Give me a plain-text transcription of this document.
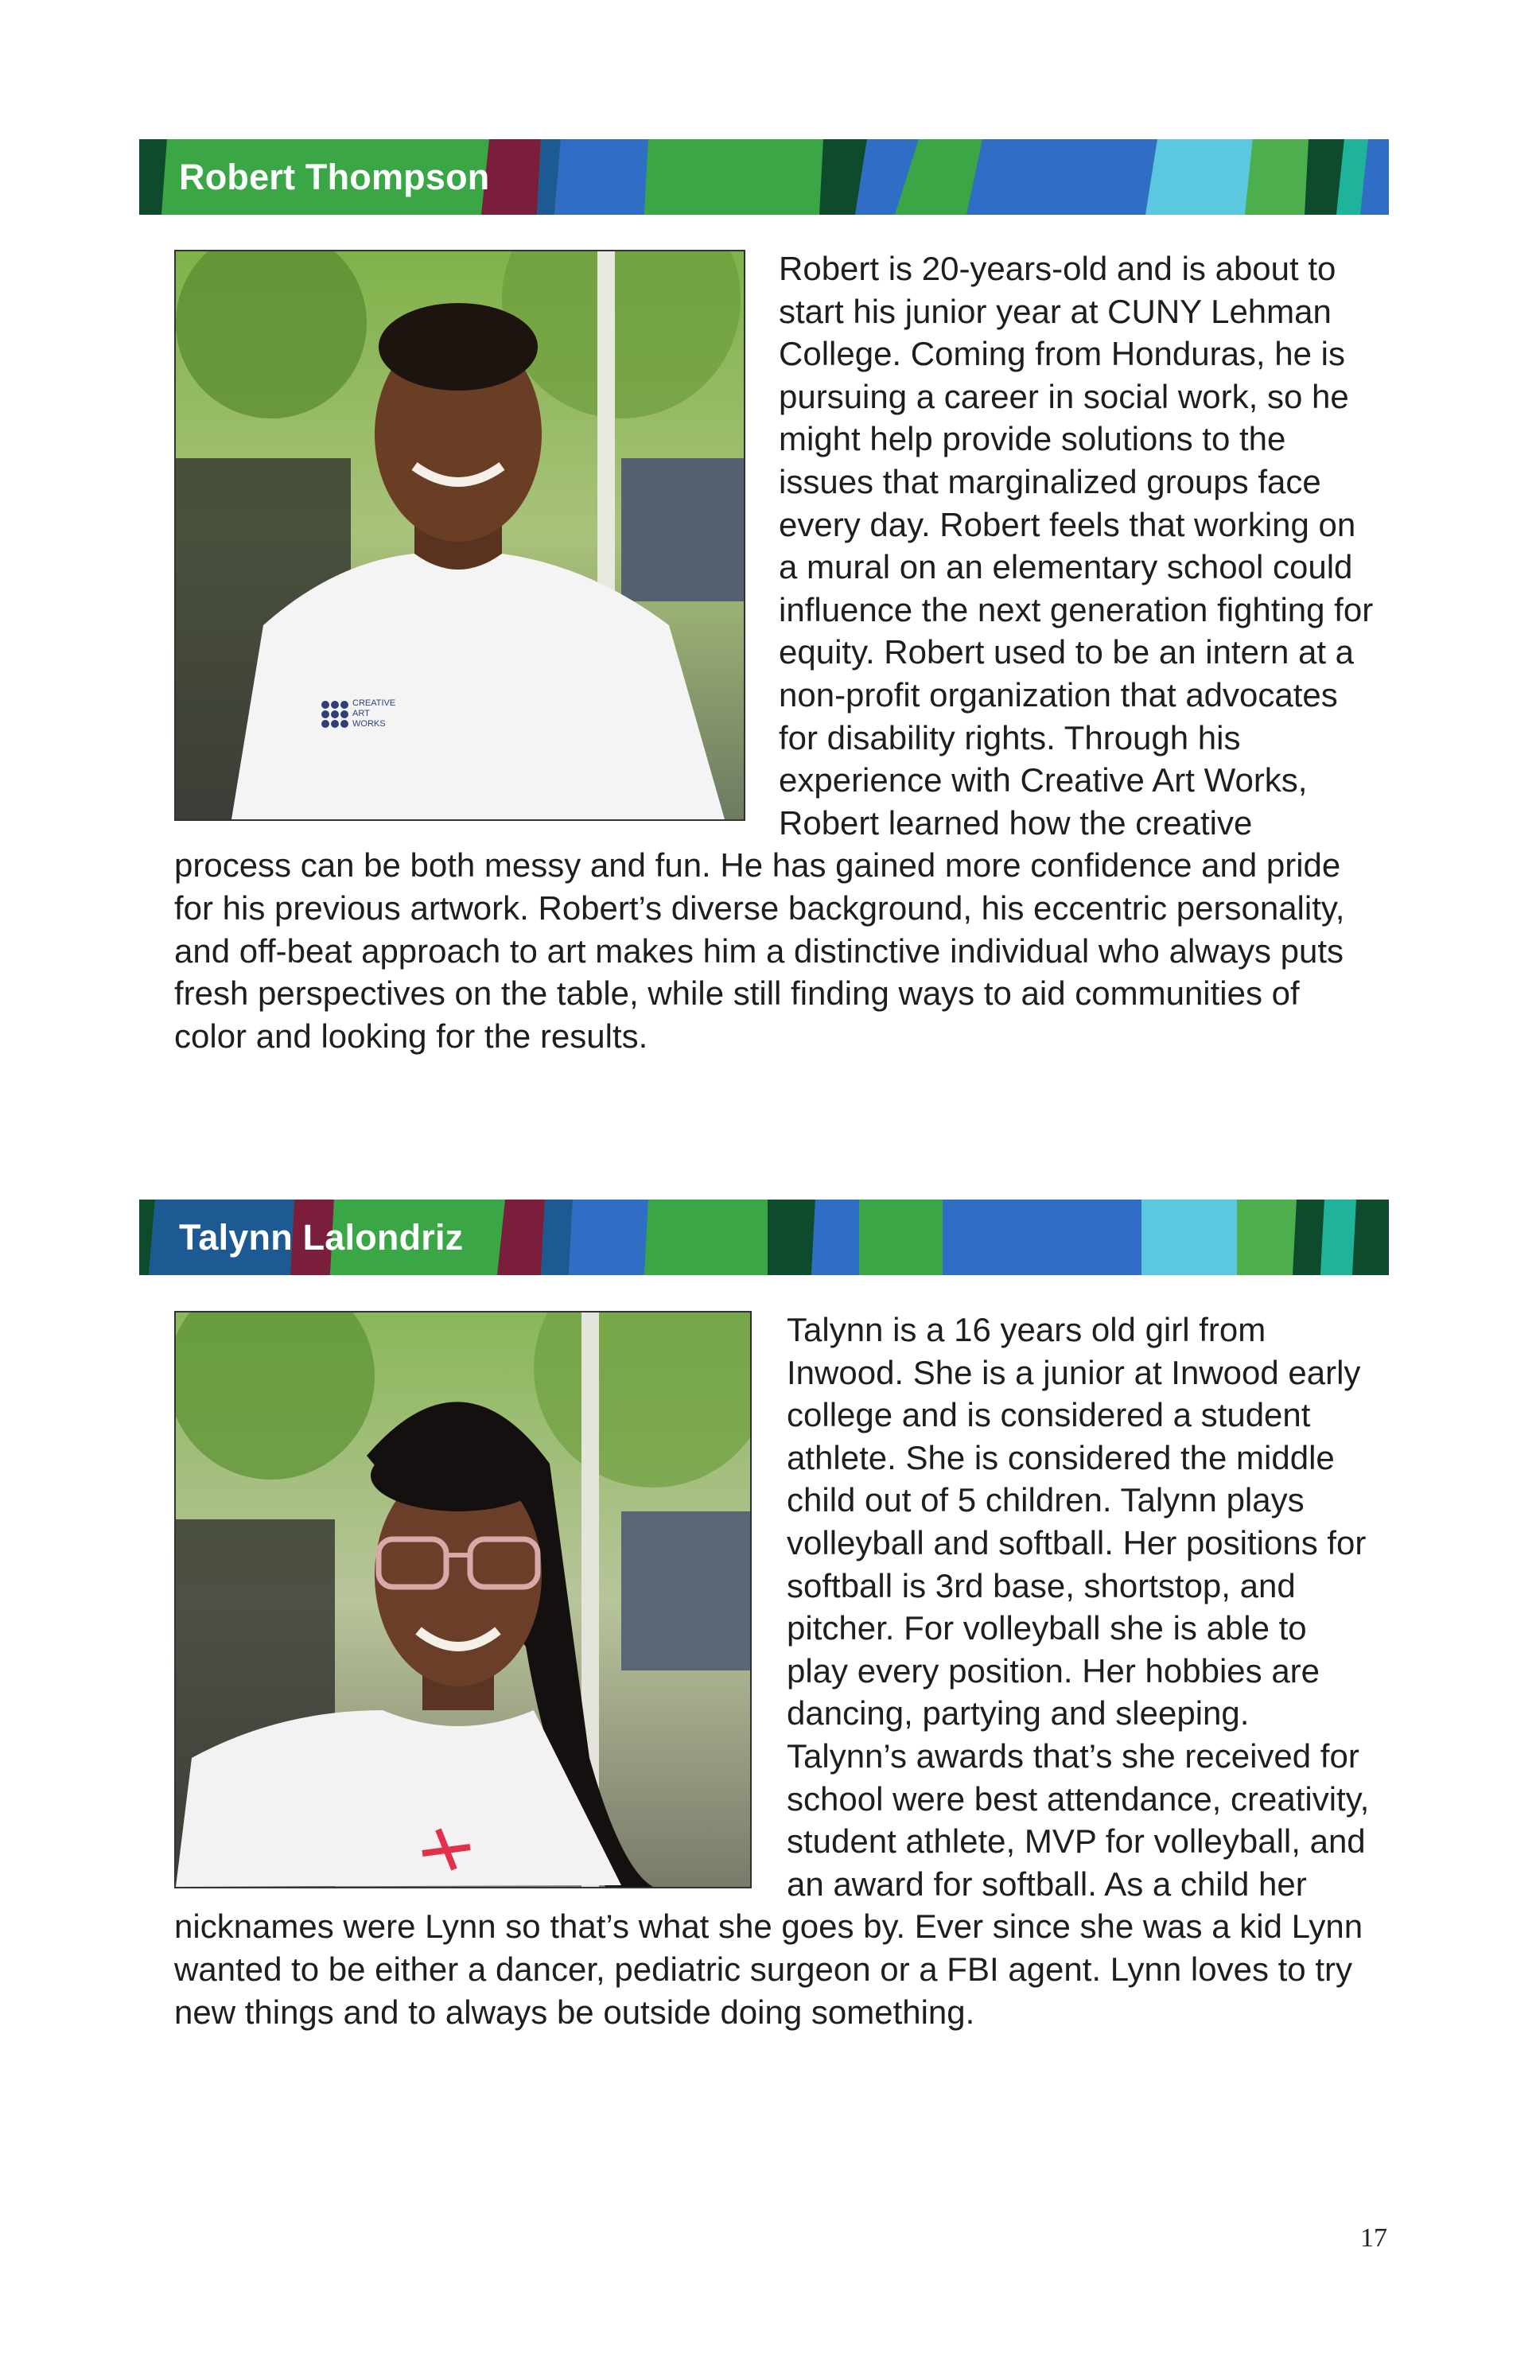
Robert Thompson
CREATIVE
ART
WORKS

Robert is 20-years-old and is about to start his junior year at CUNY Lehman College. Coming from Honduras, he is pursuing a career in social work, so he might help provide solutions to the issues that marginalized groups face every day. Robert feels that working on a mural on an elementary school could influence the next generation fighting for equity. Robert used to be an intern at a non-profit organization that advocates for disability rights. Through his experience with Creative Art Works, Robert learned how the creative process can be both messy and fun. He has gained more confidence and pride for his previous artwork. Robert’s diverse background, his eccentric personality, and off-beat approach to art makes him a distinctive individual who always puts fresh perspectives on the table, while still finding ways to aid communities of color and looking for the results.

Talynn Lalondriz

Talynn is a 16 years old girl from Inwood. She is a junior at Inwood early college and is considered a student athlete. She is considered the middle child out of 5 children. Talynn plays volleyball and softball. Her positions for softball is 3rd base, shortstop, and pitcher. For volleyball she is able to play every position. Her hobbies are dancing, partying and sleeping. Talynn’s awards that’s she received for school were best attendance, creativity, student athlete, MVP for volleyball, and an award for softball. As a child her nicknames were Lynn so that’s what she goes by. Ever since she was a kid Lynn wanted to be either a dancer, pediatric surgeon or a FBI agent. Lynn loves to try new things and to always be outside doing something.

17
